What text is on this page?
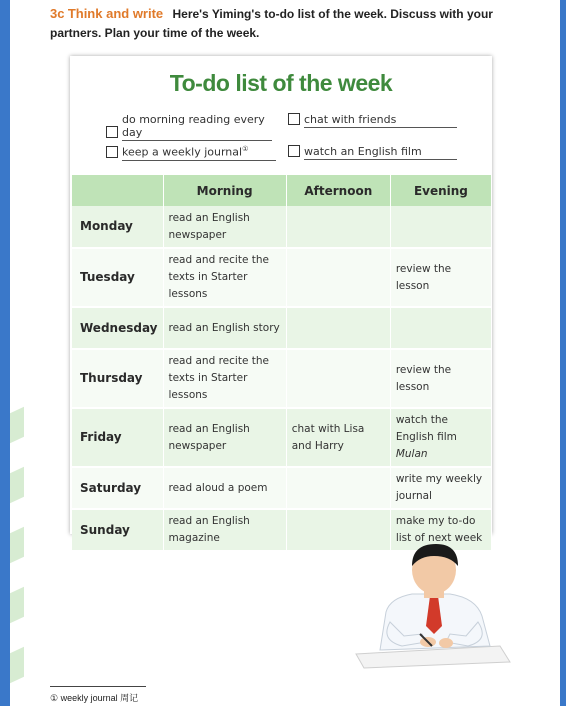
3c Think and write Here's Yiming's to-do list of the week. Discuss with your partners. Plan your time of the week.
To-do list of the week
do morning reading every day
chat with friends
keep a weekly journal①	watch an English film
	Morning	Afternoon	Evening
Monday	read an English newspaper		
Tuesday	read and recite the texts in Starter lessons		review the lesson
Wednesday	read an English story		
Thursday	read and recite the texts in Starter lessons		review the lesson
Friday	read an English newspaper	chat with Lisa and Harry	watch the English film Mulan
Saturday	read aloud a poem		write my weekly journal
Sunday	read an English magazine		make my to-do list of next week
① weekly journal 周记
